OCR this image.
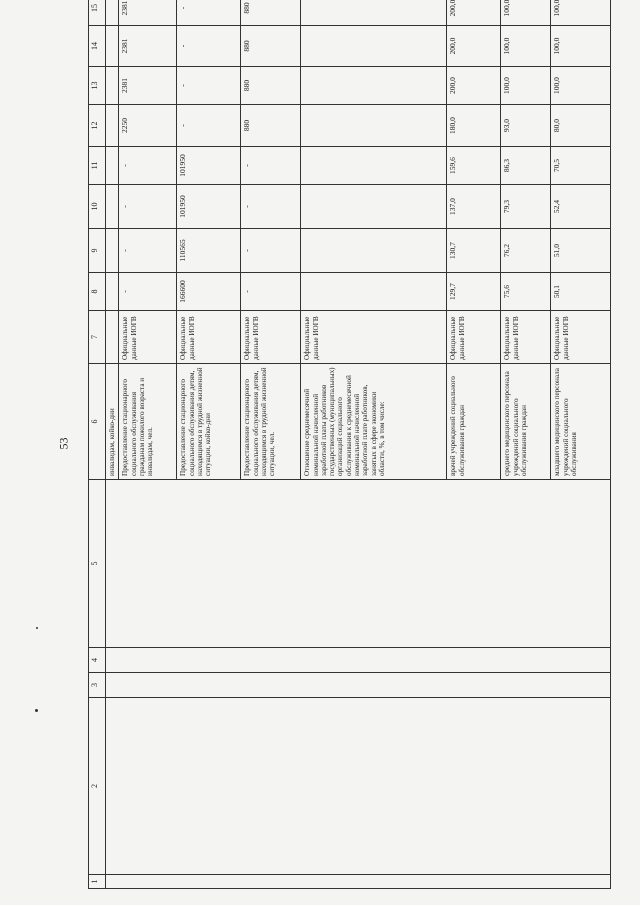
53
1	2	3	4	5	6	7	8	9	10	11	12	13	14	15
					инвалидам, койко-дни									
					Предоставление стационарного социального обслуживания гражданам пожилого возраста и инвалидам, чел.	Официальные данные ИОГВ	-	-	-	-	2250	2381	2381	2381
					Предоставление стационарного социального обслуживания детям, находящимся в трудной жизненной ситуации, койко-дни	Официальные данные ИОГВ	166600	110565	101950	101950	-	-	-	-
					Предоставление стационарного социального обслуживания детям, находящимся в трудной жизненной ситуации, чел.	Официальные данные ИОГВ	-	-	-	-	880	880	880	880
					Отношение среднемесячной номинальной начисленной заработной платы работников государственных (муниципальных) организаций социального обслуживания к среднемесячной номинальной начисленной заработной плате работников, занятых в сфере экономики области, %, в том числе:	Официальные данные ИОГВ								
					врачей учреждений социального обслуживания граждан	Официальные данные ИОГВ	129,7	130,7	137,0	159,6	180,0	200,0	200,0	200,0
					среднего медицинского персонала учреждений социального обслуживания граждан	Официальные данные ИОГВ	75,6	76,2	79,3	86,3	93,0	100,0	100,0	100,0
					младшего медицинского персонала учреждений социального обслуживания	Официальные данные ИОГВ	50,1	51,0	52,4	70,5	80,0	100,0	100,0	100,0
